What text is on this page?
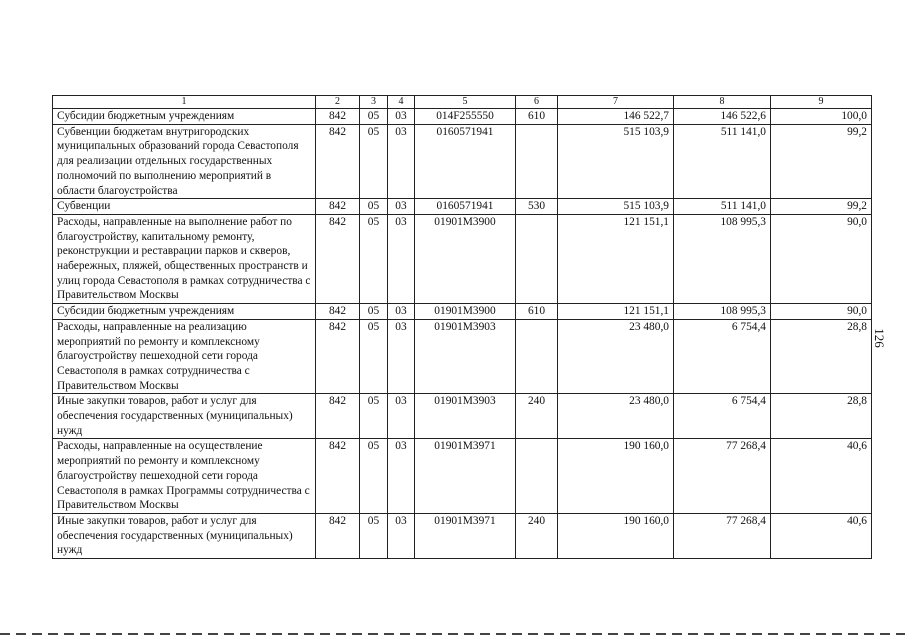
1	2	3	4	5	6	7	8	9
Субсидии бюджетным учреждениям	842	05	03	014F255550	610	146 522,7	146 522,6	100,0
Субвенции бюджетам внутригородских муниципальных образований города Севастополя для реализации отдельных государственных полномочий по выполнению мероприятий в области благоустройства	842	05	03	0160571941		515 103,9	511 141,0	99,2
Субвенции	842	05	03	0160571941	530	515 103,9	511 141,0	99,2
Расходы, направленные на выполнение работ по благоустройству, капитальному ремонту, реконструкции и реставрации парков и скверов, набережных, пляжей, общественных пространств и улиц города Севастополя в рамках сотрудничества с Правительством Москвы	842	05	03	01901М3900		121 151,1	108 995,3	90,0
Субсидии бюджетным учреждениям	842	05	03	01901М3900	610	121 151,1	108 995,3	90,0
Расходы, направленные на реализацию мероприятий по ремонту и комплексному благоустройству пешеходной сети города Севастополя в рамках сотрудничества с Правительством Москвы	842	05	03	01901М3903		23 480,0	6 754,4	28,8
Иные закупки товаров, работ и услуг для обеспечения государственных (муниципальных) нужд	842	05	03	01901М3903	240	23 480,0	6 754,4	28,8
Расходы, направленные на осуществление мероприятий по ремонту и комплексному благоустройству пешеходной сети города Севастополя в рамках Программы сотрудничества с Правительством Москвы	842	05	03	01901М3971		190 160,0	77 268,4	40,6
Иные закупки товаров, работ и услуг для обеспечения государственных (муниципальных) нужд	842	05	03	01901М3971	240	190 160,0	77 268,4	40,6
126
